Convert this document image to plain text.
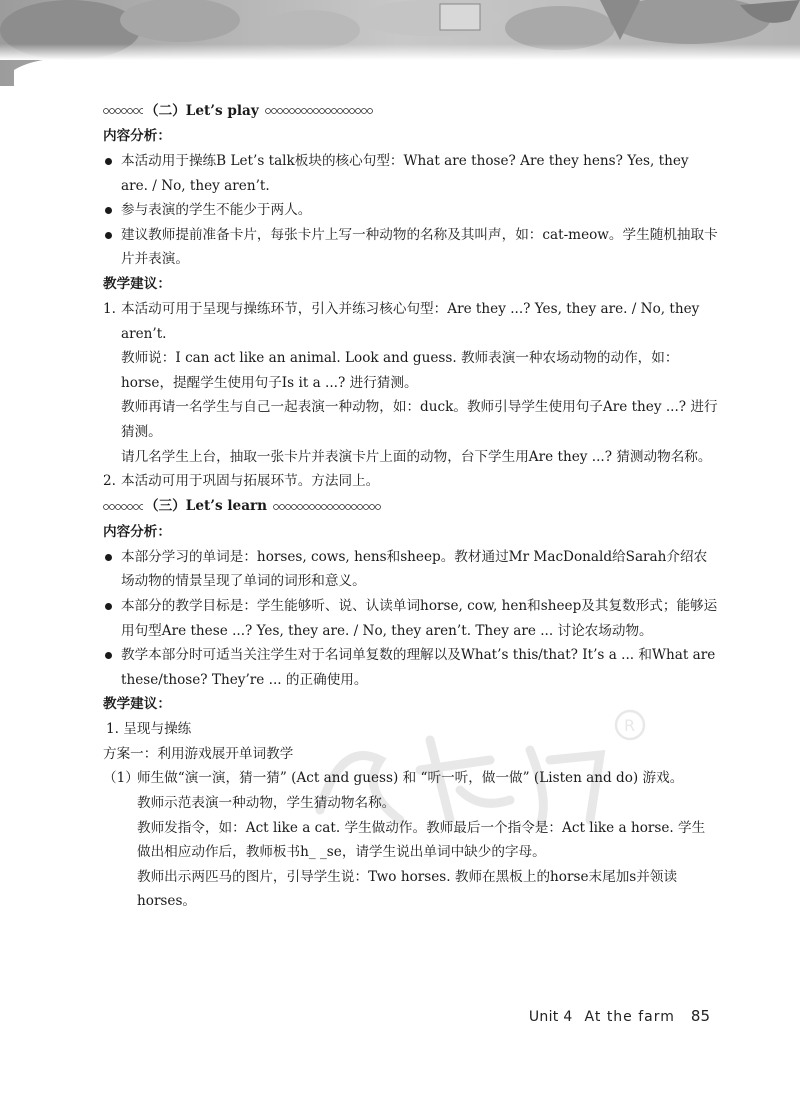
R
（二）Let’s play
内容分析：
本活动用于操练B Let’s talk板块的核心句型：What are those? Are they hens? Yes, they are. / No, they aren’t.
参与表演的学生不能少于两人。
建议教师提前准备卡片，每张卡片上写一种动物的名称及其叫声，如：cat-meow。学生随机抽取卡片并表演。
教学建议：
1. 本活动可用于呈现与操练环节，引入并练习核心句型：Are they ...? Yes, they are. / No, they aren’t.
教师说：I can act like an animal. Look and guess. 教师表演一种农场动物的动作，如：horse，提醒学生使用句子Is it a ...? 进行猜测。
教师再请一名学生与自己一起表演一种动物，如：duck。教师引导学生使用句子Are they ...? 进行猜测。
请几名学生上台，抽取一张卡片并表演卡片上面的动物，台下学生用Are they ...? 猜测动物名称。
2. 本活动可用于巩固与拓展环节。方法同上。
（三）Let’s learn
内容分析：
本部分学习的单词是：horses, cows, hens和sheep。教材通过Mr MacDonald给Sarah介绍农场动物的情景呈现了单词的词形和意义。
本部分的教学目标是：学生能够听、说、认读单词horse, cow, hen和sheep及其复数形式；能够运用句型Are these ...? Yes, they are. / No, they aren’t. They are ... 讨论农场动物。
教学本部分时可适当关注学生对于名词单复数的理解以及What’s this/that? It’s a ... 和What are these/those? They’re ... 的正确使用。
教学建议：
1. 呈现与操练
方案一：利用游戏展开单词教学
（1）
师生做“演一演，猜一猜” (Act and guess) 和 “听一听，做一做” (Listen and do) 游戏。
教师示范表演一种动物，学生猜动物名称。
教师发指令，如：Act like a cat. 学生做动作。教师最后一个指令是：Act like a horse. 学生做出相应动作后，教师板书h_ _se，请学生说出单词中缺少的字母。
教师出示两匹马的图片，引导学生说：Two horses. 教师在黑板上的horse末尾加s并领读horses。
Unit 4 At the farm 85
